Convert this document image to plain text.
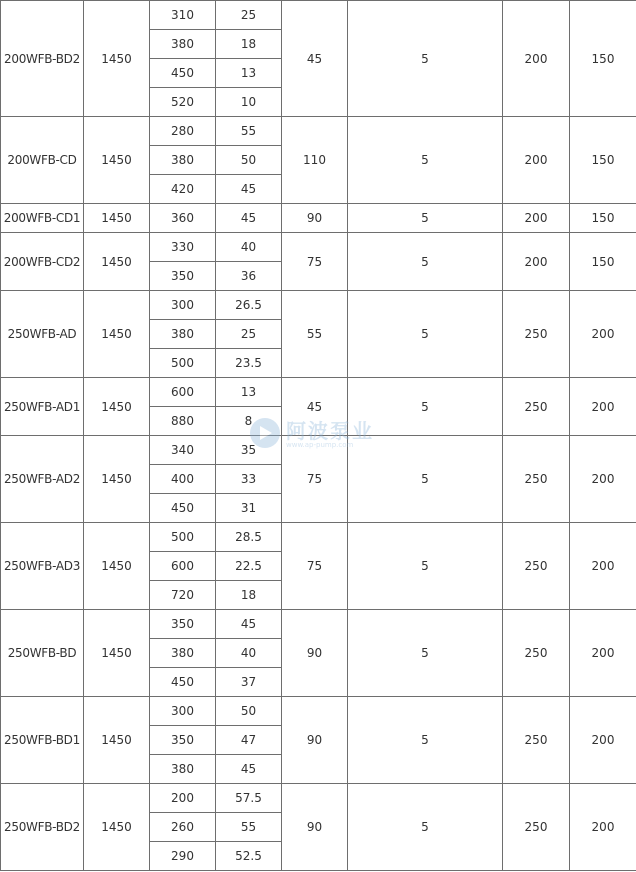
200WFB-BD2	1450	310	25	45	5	200	150	
		380	18					
		450	13					
		520	10					
200WFB-CD	1450	280	55	110	5	200	150	
		380	50					
		420	45					
200WFB-CD1	1450	360	45	90	5	200	150	
200WFB-CD2	1450	330	40	75	5	200	150	
		350	36					
250WFB-AD	1450	300	26.5	55	5	250	200	
		380	25					
		500	23.5					
250WFB-AD1	1450	600	13	45	5	250	200	
		880	8					
250WFB-AD2	1450	340	35	75	5	250	200	
		400	33					
		450	31					
250WFB-AD3	1450	500	28.5	75	5	250	200	
		600	22.5					
		720	18					
250WFB-BD	1450	350	45	90	5	250	200	
		380	40					
		450	37					
250WFB-BD1	1450	300	50	90	5	250	200	
		350	47					
		380	45					
250WFB-BD2	1450	200	57.5	90	5	250	200	
		260	55					
		290	52.5					
阿波泵业
www.ap-pump.com
